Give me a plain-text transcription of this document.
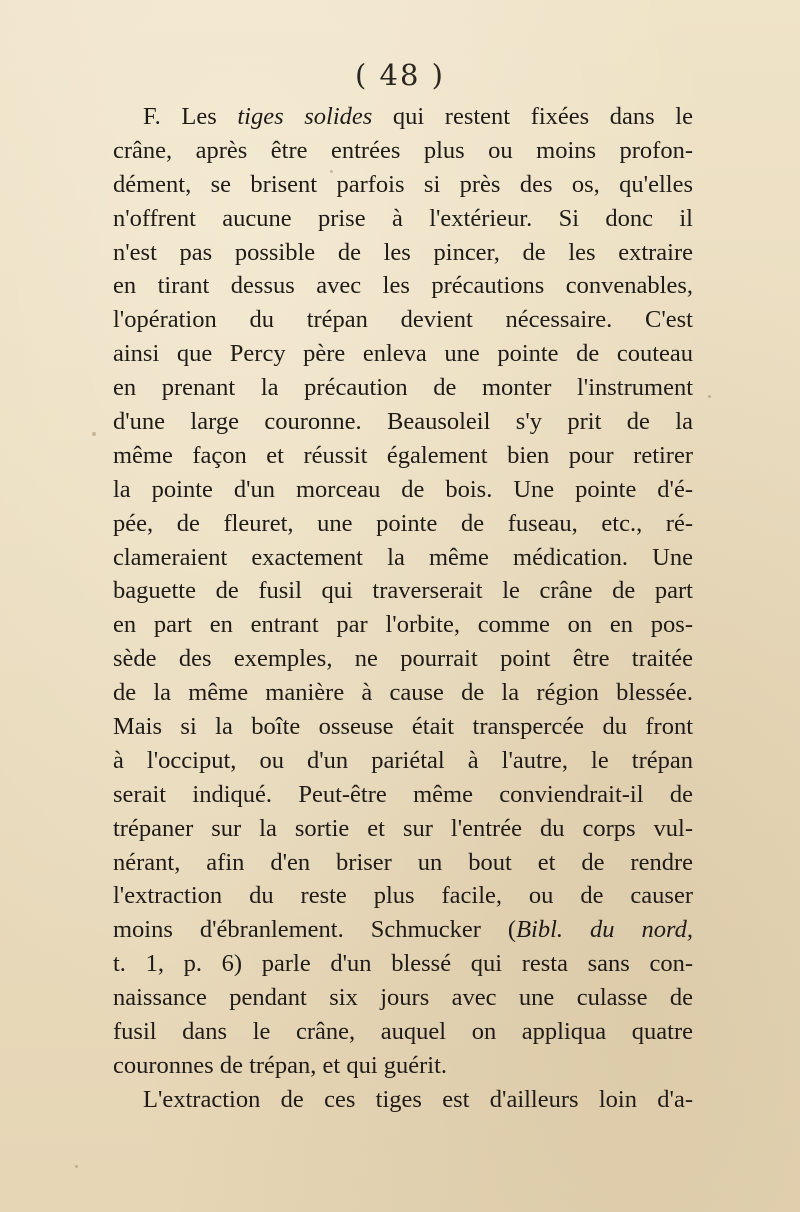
( 48 )
F. Les tiges solides qui restent fixées dans le
crâne, après être entrées plus ou moins profon-
dément, se brisent parfois si près des os, qu'elles
n'offrent aucune prise à l'extérieur. Si donc il
n'est pas possible de les pincer, de les extraire
en tirant dessus avec les précautions convenables,
l'opération du trépan devient nécessaire. C'est
ainsi que Percy père enleva une pointe de couteau
en prenant la précaution de monter l'instrument
d'une large couronne. Beausoleil s'y prit de la
même façon et réussit également bien pour retirer
la pointe d'un morceau de bois. Une pointe d'é-
pée, de fleuret, une pointe de fuseau, etc., ré-
clameraient exactement la même médication. Une
baguette de fusil qui traverserait le crâne de part
en part en entrant par l'orbite, comme on en pos-
sède des exemples, ne pourrait point être traitée
de la même manière à cause de la région blessée.
Mais si la boîte osseuse était transpercée du front
à l'occiput, ou d'un pariétal à l'autre, le trépan
serait indiqué. Peut-être même conviendrait-il de
trépaner sur la sortie et sur l'entrée du corps vul-
nérant, afin d'en briser un bout et de rendre
l'extraction du reste plus facile, ou de causer
moins d'ébranlement. Schmucker (Bibl. du nord,
t. 1, p. 6) parle d'un blessé qui resta sans con-
naissance pendant six jours avec une culasse de
fusil dans le crâne, auquel on appliqua quatre
couronnes de trépan, et qui guérit.
L'extraction de ces tiges est d'ailleurs loin d'a-
